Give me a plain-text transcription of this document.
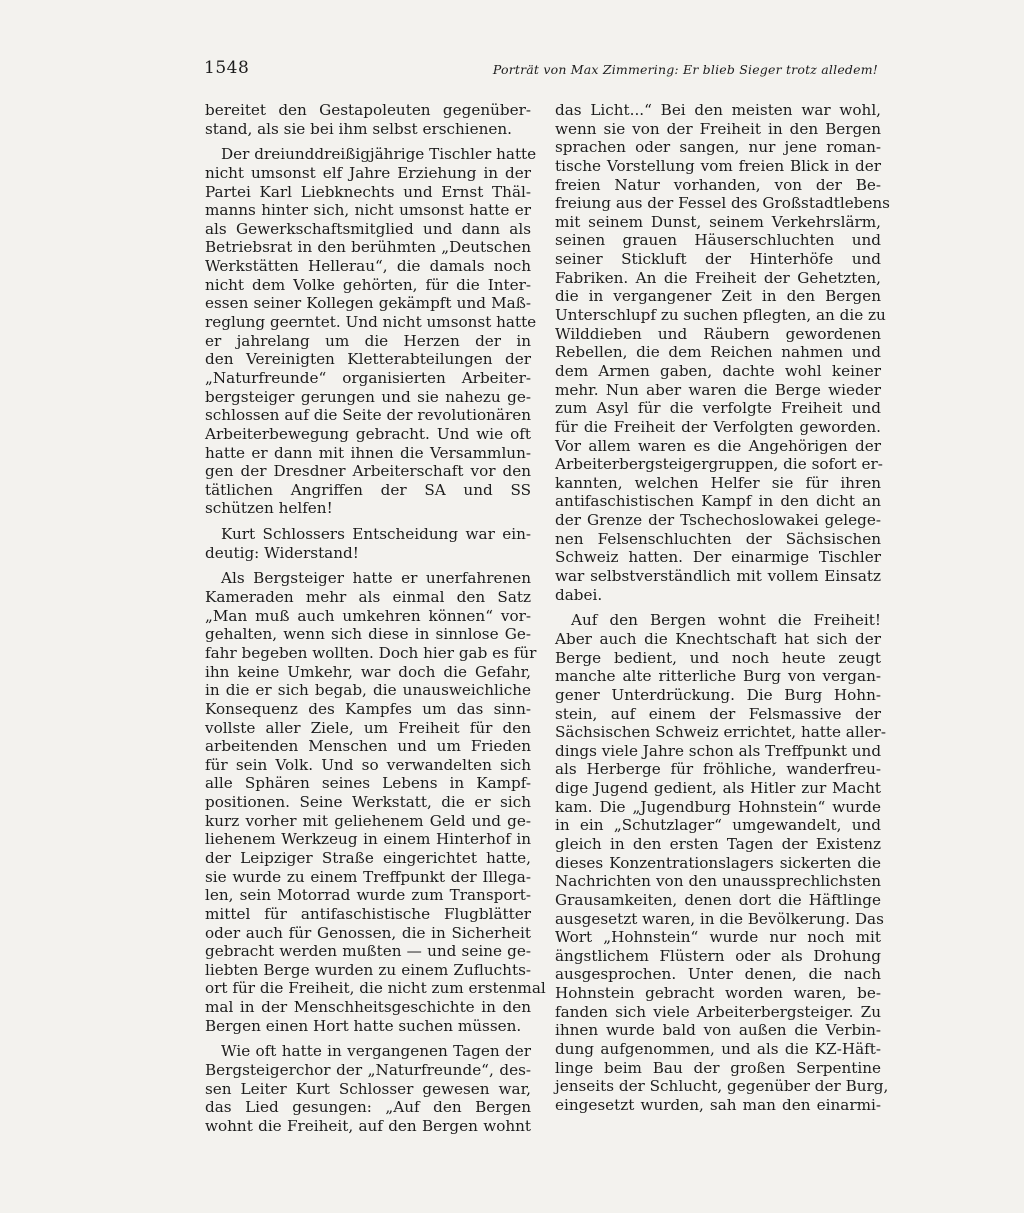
1548	Porträt von Max Zimmering: Er blieb Sieger trotz alledem!
bereitet den Gestapoleuten gegenüber-
stand, als sie bei ihm selbst erschienen.
Der dreiunddreißigjährige Tischler hatte
nicht umsonst elf Jahre Erziehung in der
Partei Karl Liebknechts und Ernst Thäl-
manns hinter sich, nicht umsonst hatte er
als Gewerkschaftsmitglied und dann als
Betriebsrat in den berühmten „Deutschen
Werkstätten Hellerau“, die damals noch
nicht dem Volke gehörten, für die Inter-
essen seiner Kollegen gekämpft und Maß-
reglung geerntet. Und nicht umsonst hatte
er jahrelang um die Herzen der in
den Vereinigten Kletterabteilungen der
„Naturfreunde“ organisierten Arbeiter-
bergsteiger gerungen und sie nahezu ge-
schlossen auf die Seite der revolutionären
Arbeiterbewegung gebracht. Und wie oft
hatte er dann mit ihnen die Versammlun-
gen der Dresdner Arbeiterschaft vor den
tätlichen Angriffen der SA und SS
schützen helfen!
Kurt Schlossers Entscheidung war ein-
deutig: Widerstand!
Als Bergsteiger hatte er unerfahrenen
Kameraden mehr als einmal den Satz
„Man muß auch umkehren können“ vor-
gehalten, wenn sich diese in sinnlose Ge-
fahr begeben wollten. Doch hier gab es für
ihn keine Umkehr, war doch die Gefahr,
in die er sich begab, die unausweichliche
Konsequenz des Kampfes um das sinn-
vollste aller Ziele, um Freiheit für den
arbeitenden Menschen und um Frieden
für sein Volk. Und so verwandelten sich
alle Sphären seines Lebens in Kampf-
positionen. Seine Werkstatt, die er sich
kurz vorher mit geliehenem Geld und ge-
liehenem Werkzeug in einem Hinterhof in
der Leipziger Straße eingerichtet hatte,
sie wurde zu einem Treffpunkt der Illega-
len, sein Motorrad wurde zum Transport-
mittel für antifaschistische Flugblätter
oder auch für Genossen, die in Sicherheit
gebracht werden mußten — und seine ge-
liebten Berge wurden zu einem Zufluchts-
ort für die Freiheit, die nicht zum erstenmal
mal in der Menschheitsgeschichte in den
Bergen einen Hort hatte suchen müssen.
Wie oft hatte in vergangenen Tagen der
Bergsteigerchor der „Naturfreunde“, des-
sen Leiter Kurt Schlosser gewesen war,
das Lied gesungen: „Auf den Bergen
wohnt die Freiheit, auf den Bergen wohnt
das Licht...“ Bei den meisten war wohl,
wenn sie von der Freiheit in den Bergen
sprachen oder sangen, nur jene roman-
tische Vorstellung vom freien Blick in der
freien Natur vorhanden, von der Be-
freiung aus der Fessel des Großstadtlebens
mit seinem Dunst, seinem Verkehrslärm,
seinen grauen Häuserschluchten und
seiner Stickluft der Hinterhöfe und
Fabriken. An die Freiheit der Gehetzten,
die in vergangener Zeit in den Bergen
Unterschlupf zu suchen pflegten, an die zu
Wilddieben und Räubern gewordenen
Rebellen, die dem Reichen nahmen und
dem Armen gaben, dachte wohl keiner
mehr. Nun aber waren die Berge wieder
zum Asyl für die verfolgte Freiheit und
für die Freiheit der Verfolgten geworden.
Vor allem waren es die Angehörigen der
Arbeiterbergsteigergruppen, die sofort er-
kannten, welchen Helfer sie für ihren
antifaschistischen Kampf in den dicht an
der Grenze der Tschechoslowakei gelege-
nen Felsenschluchten der Sächsischen
Schweiz hatten. Der einarmige Tischler
war selbstverständlich mit vollem Einsatz
dabei.
Auf den Bergen wohnt die Freiheit!
Aber auch die Knechtschaft hat sich der
Berge bedient, und noch heute zeugt
manche alte ritterliche Burg von vergan-
gener Unterdrückung. Die Burg Hohn-
stein, auf einem der Felsmassive der
Sächsischen Schweiz errichtet, hatte aller-
dings viele Jahre schon als Treffpunkt und
als Herberge für fröhliche, wanderfreu-
dige Jugend gedient, als Hitler zur Macht
kam. Die „Jugendburg Hohnstein“ wurde
in ein „Schutzlager“ umgewandelt, und
gleich in den ersten Tagen der Existenz
dieses Konzentrationslagers sickerten die
Nachrichten von den unaussprechlichsten
Grausamkeiten, denen dort die Häftlinge
ausgesetzt waren, in die Bevölkerung. Das
Wort „Hohnstein“ wurde nur noch mit
ängstlichem Flüstern oder als Drohung
ausgesprochen. Unter denen, die nach
Hohnstein gebracht worden waren, be-
fanden sich viele Arbeiterbergsteiger. Zu
ihnen wurde bald von außen die Verbin-
dung aufgenommen, und als die KZ-Häft-
linge beim Bau der großen Serpentine
jenseits der Schlucht, gegenüber der Burg,
eingesetzt wurden, sah man den einarmi-
